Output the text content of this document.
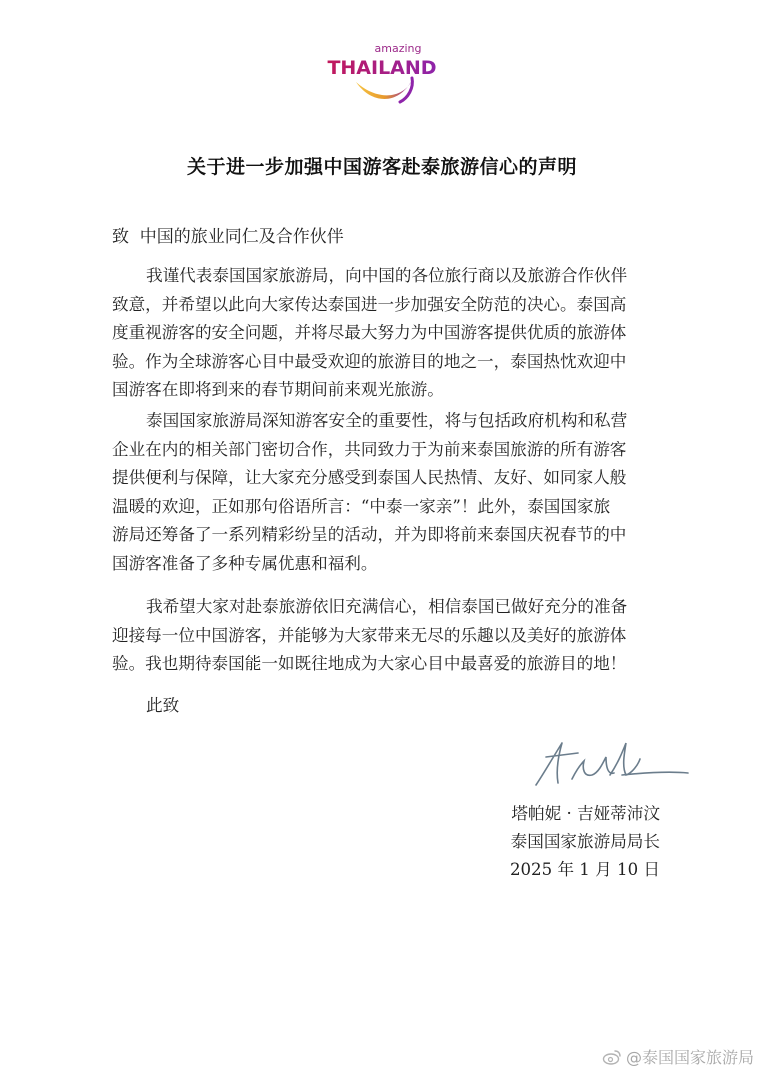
amazing
THAILAND
关于进一步加强中国游客赴泰旅游信心的声明
致  中国的旅业同仁及合作伙伴
我谨代表泰国国家旅游局，向中国的各位旅行商以及旅游合作伙伴
致意，并希望以此向大家传达泰国进一步加强安全防范的决心。泰国高
度重视游客的安全问题，并将尽最大努力为中国游客提供优质的旅游体
验。作为全球游客心目中最受欢迎的旅游目的地之一，泰国热忱欢迎中
国游客在即将到来的春节期间前来观光旅游。
泰国国家旅游局深知游客安全的重要性，将与包括政府机构和私营
企业在内的相关部门密切合作，共同致力于为前来泰国旅游的所有游客
提供便利与保障，让大家充分感受到泰国人民热情、友好、如同家人般
温暖的欢迎，正如那句俗语所言：“中泰一家亲”！此外，泰国国家旅
游局还筹备了一系列精彩纷呈的活动，并为即将前来泰国庆祝春节的中
国游客准备了多种专属优惠和福利。
我希望大家对赴泰旅游依旧充满信心，相信泰国已做好充分的准备
迎接每一位中国游客，并能够为大家带来无尽的乐趣以及美好的旅游体
验。我也期待泰国能一如既往地成为大家心目中最喜爱的旅游目的地！
此致
塔帕妮 · 吉娅蒂沛汶
泰国国家旅游局局长
2025 年 1 月 10 日
@泰国国家旅游局
